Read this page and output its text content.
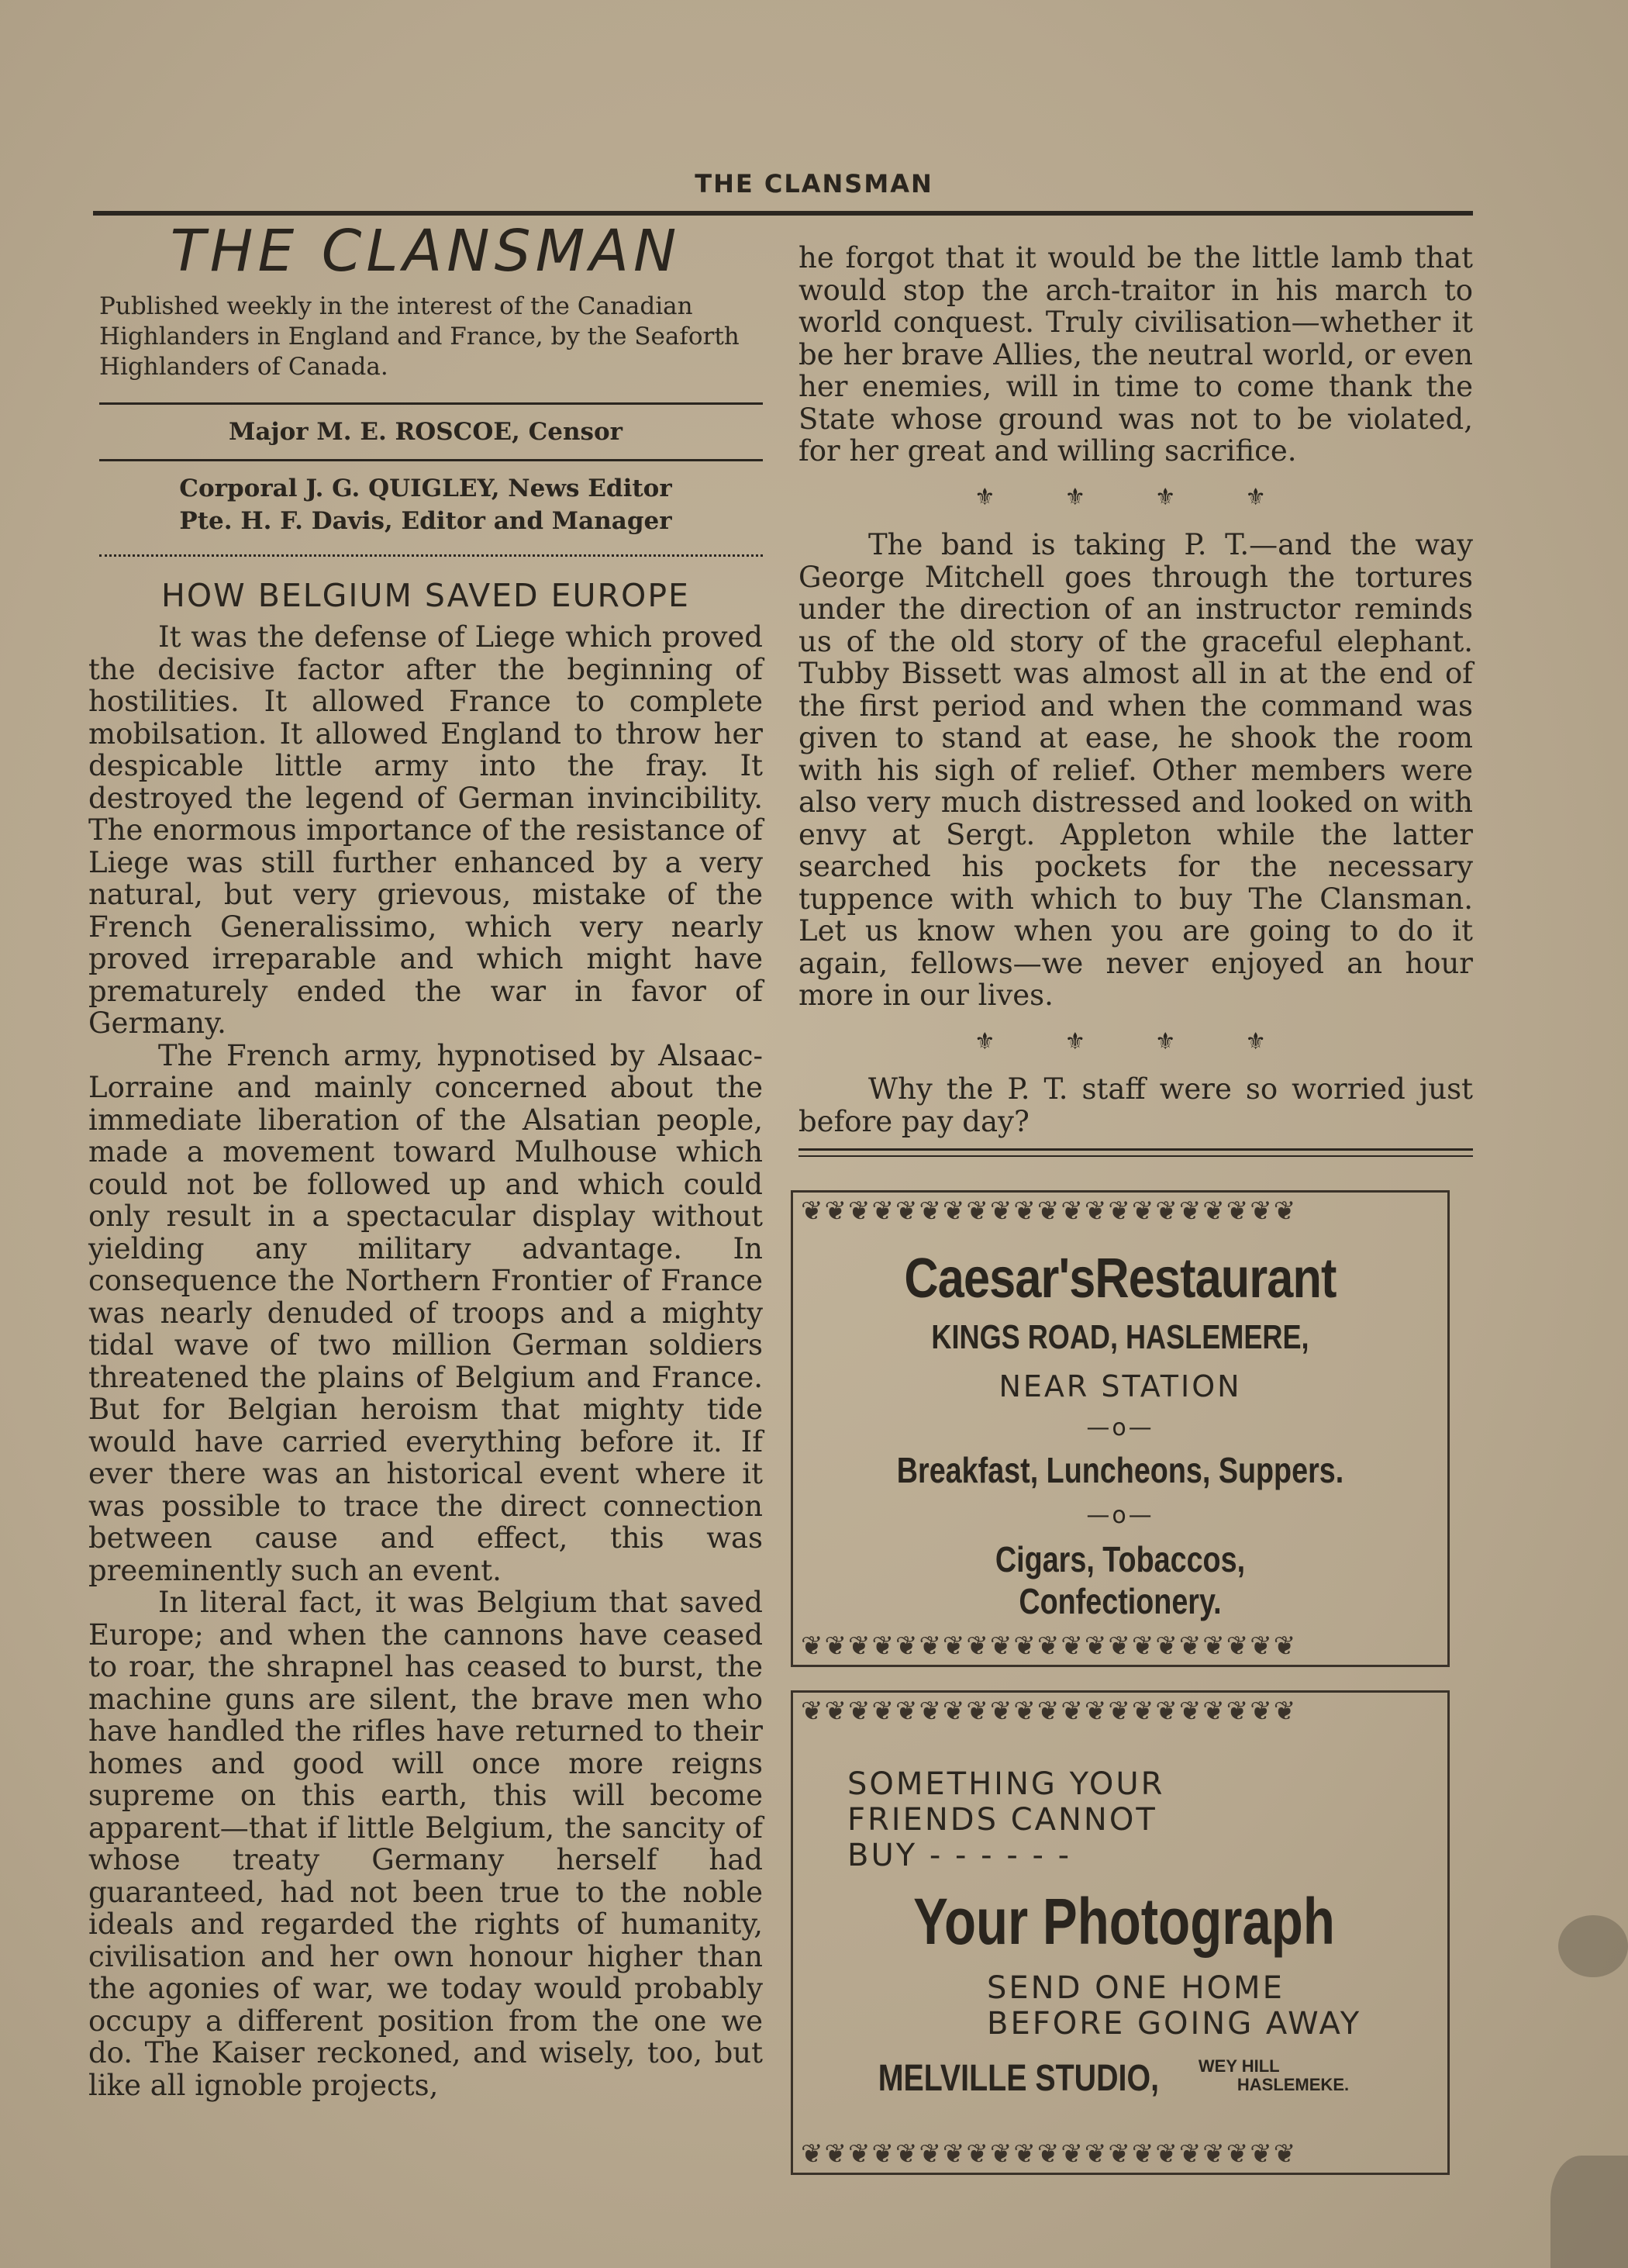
THE CLANSMAN
THE CLANSMAN
Published weekly in the interest of the Canadian Highlanders in England and France, by the Seaforth Highlanders of Canada.
Major M. E. ROSCOE, Censor
Corporal J. G. QUIGLEY, News Editor
Pte. H. F. Davis, Editor and Manager
HOW BELGIUM SAVED EUROPE

It was the defense of Liege which proved the decisive factor after the beginning of hostilities. It allowed France to complete mobilsation. It allowed England to throw her despicable little army into the fray. It destroyed the legend of German invincibility. The enormous importance of the resistance of Liege was still further enhanced by a very natural, but very grievous, mistake of the French Generalissimo, which very nearly proved irreparable and which might have prematurely ended the war in favor of Germany.

The French army, hypnotised by Alsaac-Lorraine and mainly concerned about the immediate liberation of the Alsatian people, made a movement toward Mulhouse which could not be followed up and which could only result in a spectacular display without yielding any military advantage. In consequence the Northern Frontier of France was nearly denuded of troops and a mighty tidal wave of two million German soldiers threatened the plains of Belgium and France. But for Belgian heroism that mighty tide would have carried everything before it. If ever there was an historical event where it was possible to trace the direct connection between cause and effect, this was preeminently such an event.

In literal fact, it was Belgium that saved Europe; and when the cannons have ceased to roar, the shrapnel has ceased to burst, the machine guns are silent, the brave men who have handled the rifles have returned to their homes and good will once more reigns supreme on this earth, this will become apparent—that if little Belgium, the sancity of whose treaty Germany herself had guaranteed, had not been true to the noble ideals and regarded the rights of humanity, civilisation and her own honour higher than the agonies of war, we today would probably occupy a different position from the one we do. The Kaiser reckoned, and wisely, too, but like all ignoble projects,

he forgot that it would be the little lamb that would stop the arch-traitor in his march to world conquest. Truly civilisation—whether it be her brave Allies, the neutral world, or even her enemies, will in time to come thank the State whose ground was not to be violated, for her great and willing sacrifice.

⚜ ⚜ ⚜ ⚜

The band is taking P. T.—and the way George Mitchell goes through the tortures under the direction of an instructor reminds us of the old story of the graceful elephant. Tubby Bissett was almost all in at the end of the first period and when the command was given to stand at ease, he shook the room with his sigh of relief. Other members were also very much distressed and looked on with envy at Sergt. Appleton while the latter searched his pockets for the necessary tuppence with which to buy The Clansman. Let us know when you are going to do it again, fellows—we never enjoyed an hour more in our lives.

⚜ ⚜ ⚜ ⚜

Why the P. T. staff were so worried just before pay day?

❦❦❦❦❦❦❦❦❦❦❦❦❦❦❦❦❦❦❦❦❦
❦❦❦❦❦❦❦❦❦❦❦❦❦❦❦❦❦❦❦❦❦
Caesar'sRestaurant
KINGS ROAD, HASLEMERE,
NEAR STATION
—o—
Breakfast, Luncheons, Suppers.
—o—
Cigars, Tobaccos, Confectionery.
❦❦❦❦❦❦❦❦❦❦❦❦❦❦❦❦❦❦❦❦❦
❦❦❦❦❦❦❦❦❦❦❦❦❦❦❦❦❦❦❦❦❦
SOMETHING YOUR
FRIENDS CANNOT
BUY - - - - - -
Your Photograph
SEND ONE HOME
BEFORE GOING AWAY
MELVILLE STUDIO, WEY HILL
HASLEMEKE.
